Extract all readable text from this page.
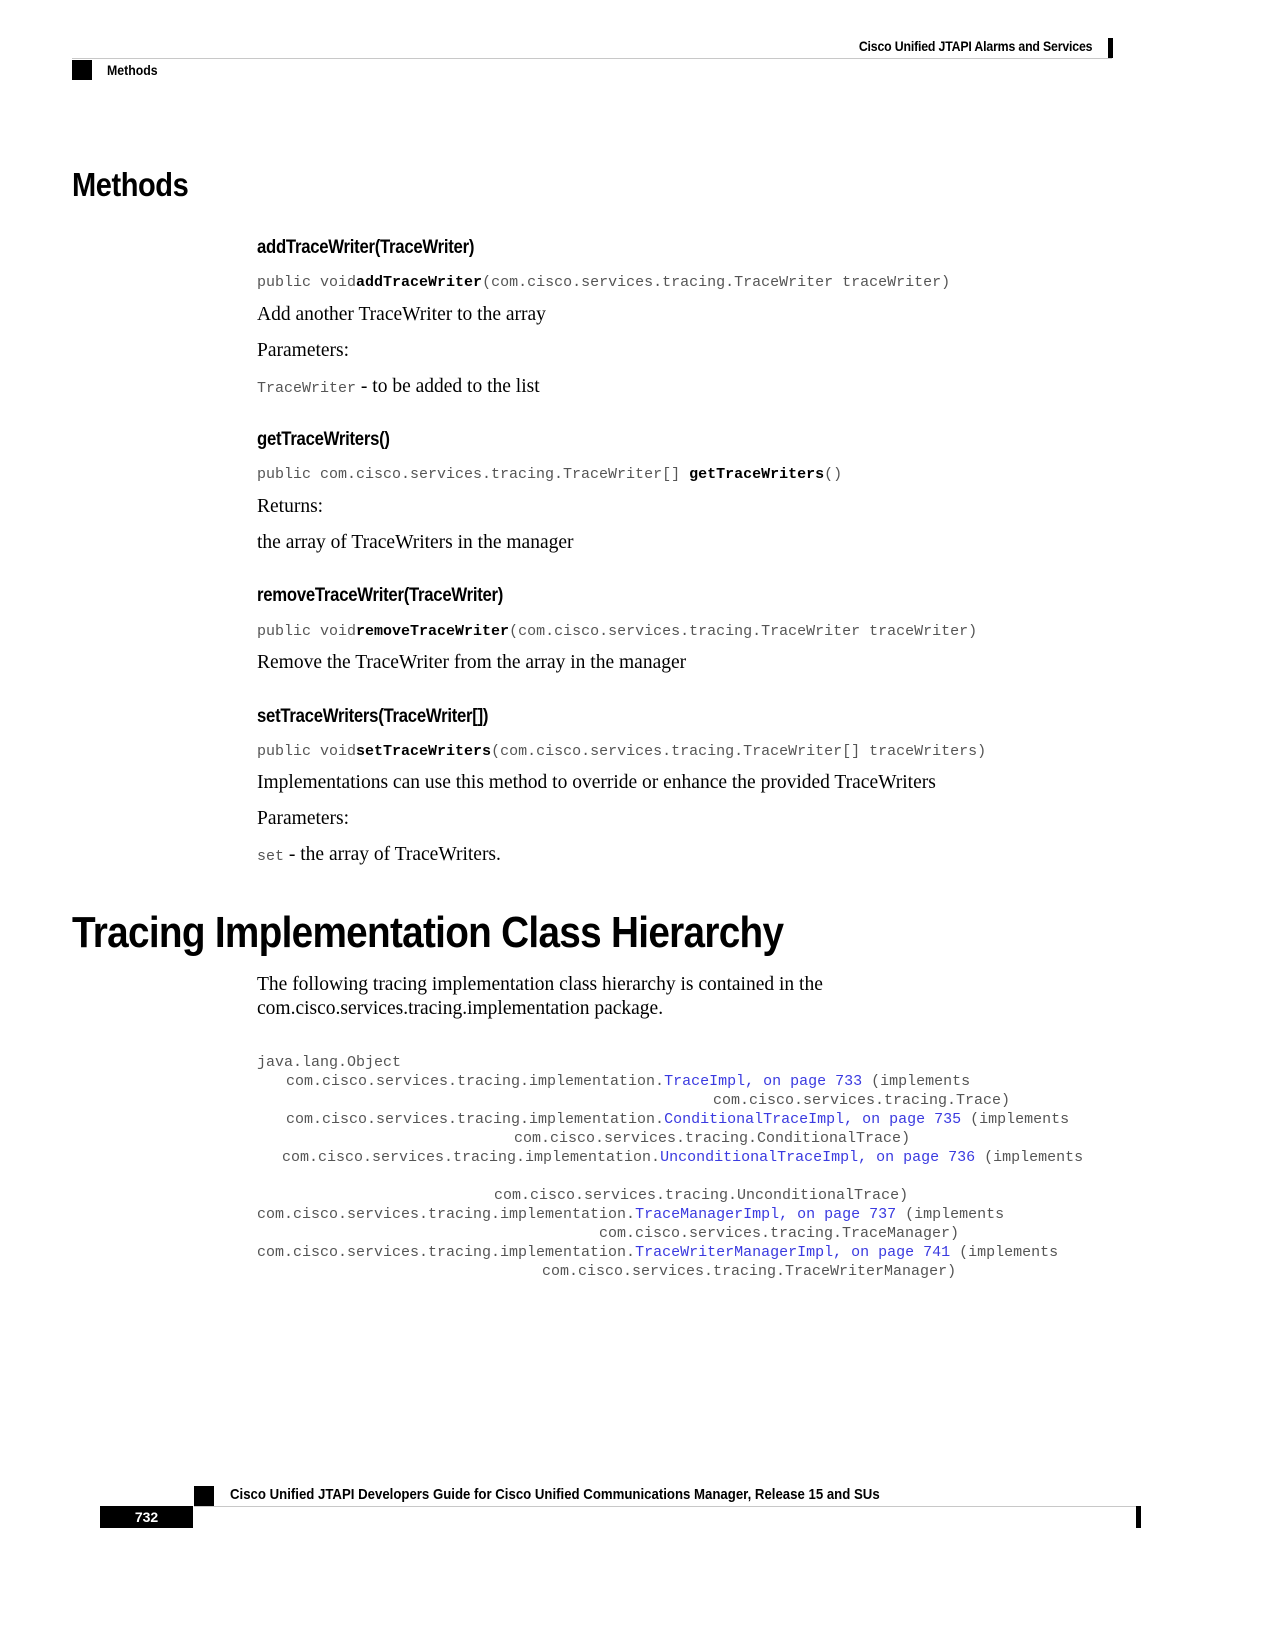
Cisco Unified JTAPI Alarms and Services
Methods
Methods
addTraceWriter(TraceWriter)
public voidaddTraceWriter(com.cisco.services.tracing.TraceWriter traceWriter)
Add another TraceWriter to the array
Parameters:
TraceWriter - to be added to the list
getTraceWriters()
public com.cisco.services.tracing.TraceWriter[] getTraceWriters()
Returns:
the array of TraceWriters in the manager
removeTraceWriter(TraceWriter)
public voidremoveTraceWriter(com.cisco.services.tracing.TraceWriter traceWriter)
Remove the TraceWriter from the array in the manager
setTraceWriters(TraceWriter[])
public voidsetTraceWriters(com.cisco.services.tracing.TraceWriter[] traceWriters)
Implementations can use this method to override or enhance the provided TraceWriters
Parameters:
set - the array of TraceWriters.
Tracing Implementation Class Hierarchy
The following tracing implementation class hierarchy is contained in the
com.cisco.services.tracing.implementation package.
java.lang.Object
com.cisco.services.tracing.implementation.TraceImpl, on page 733 (implements
com.cisco.services.tracing.Trace)
com.cisco.services.tracing.implementation.ConditionalTraceImpl, on page 735 (implements
com.cisco.services.tracing.ConditionalTrace)
com.cisco.services.tracing.implementation.UnconditionalTraceImpl, on page 736 (implements
com.cisco.services.tracing.UnconditionalTrace)
com.cisco.services.tracing.implementation.TraceManagerImpl, on page 737 (implements
com.cisco.services.tracing.TraceManager)
com.cisco.services.tracing.implementation.TraceWriterManagerImpl, on page 741 (implements
com.cisco.services.tracing.TraceWriterManager)
Cisco Unified JTAPI Developers Guide for Cisco Unified Communications Manager, Release 15 and SUs
732
